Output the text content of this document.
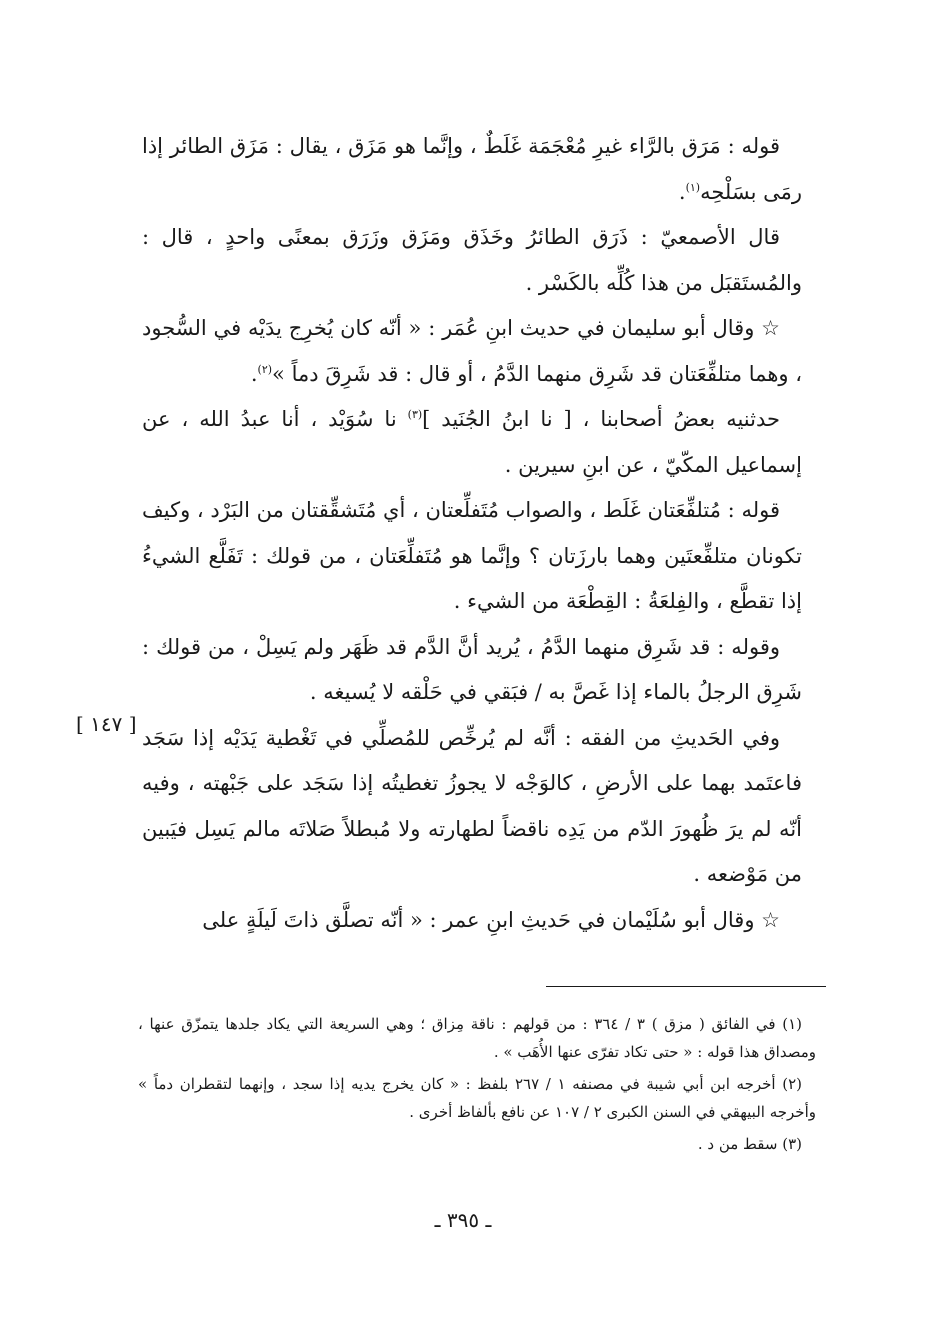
قوله : مَرَق بالرَّاء غيرِ مُعْجَمَة غَلَطٌ ، وإنَّما هو مَزَق ، يقال : مَزَق الطائر إذا رمَى بسَلْحِه$^{(١)}$.

قال الأصمعيّ : ذَرَق الطائرُ وخَذَق ومَزَق وزَرَق بمعنًى واحدٍ ، قال : والمُستَقبَل من هذا كُلِّه بالكَسْر .

☆ وقال أبو سليمان في حديث ابنِ عُمَر : « أنّه كان يُخرِج يدَيْه في السُّجود ، وهما متلفِّعَتان قد شَرِق منهما الدَّمُ ، أو قال : قد شَرِقَ دماً »$^{(٢)}$.

حدثنيه بعضُ أصحابنا ، [ نا ابنُ الجُنَيد ]$^{(٣)}$ نا سُوَيْد ، أنا عبدُ الله ، عن إسماعيل المكّيّ ، عن ابنِ سيرين .

قوله : مُتلفِّعَتان غَلَط ، والصواب مُتَفلِّعتان ، أي مُتَشقِّقتان من البَرْد ، وكيف تكونان متلفِّعتَين وهما بارزَتان ؟ وإنَّما هو مُتَفلِّعَتان ، من قولك : تَفَلَّع الشيءُ إذا تقطَّع ، والفِلعَةُ : القِطْعَة من الشيء .

وقوله : قد شَرِق منهما الدَّمُ ، يُريد أنَّ الدَّم قد ظَهَر ولم يَسِلْ ، من قولك : شَرِق الرجلُ بالماء إذا غَصَّ به / فبَقي في حَلْقه لا يُسيغه .

وفي الحَديثِ من الفقه : أنَّه لم يُرخِّص للمُصلِّي في تَغْطية يَدَيْه إذا سَجَد فاعتَمد بهما على الأرضِ ، كالوَجْه لا يجوزُ تغطيتُه إذا سَجَد على جَبْهته ، وفيه أنّه لم يرَ ظُهورَ الدّم من يَدِه ناقضاً لطهارته ولا مُبطلاً صَلاتَه مالم يَسِل فيَبين من مَوْضعه .

☆ وقال أبو سُلَيْمان في حَديثِ ابنِ عمر : « أنّه تصلَّق ذاتَ لَيلَةٍ على

[ ١٤٧ ]

(١) في الفائق ( مزق ) ٣ / ٣٦٤ : من قولهم : ناقة مِزاق ؛ وهي السريعة التي يكاد جلدها يتمزّق عنها ، ومصداق هذا قوله : « حتى تكاد تفرّى عنها الأُهَب » .

(٢) أخرجه ابن أبي شيبة في مصنفه ١ / ٢٦٧ بلفظ : « كان يخرج يديه إذا سجد ، وإنهما لتقطران دماً » وأخرجه البيهقي في السنن الكبرى ٢ / ١٠٧ عن نافع بألفاظ أخرى .

(٣) سقط من د .

ـ ٣٩٥ ـ
